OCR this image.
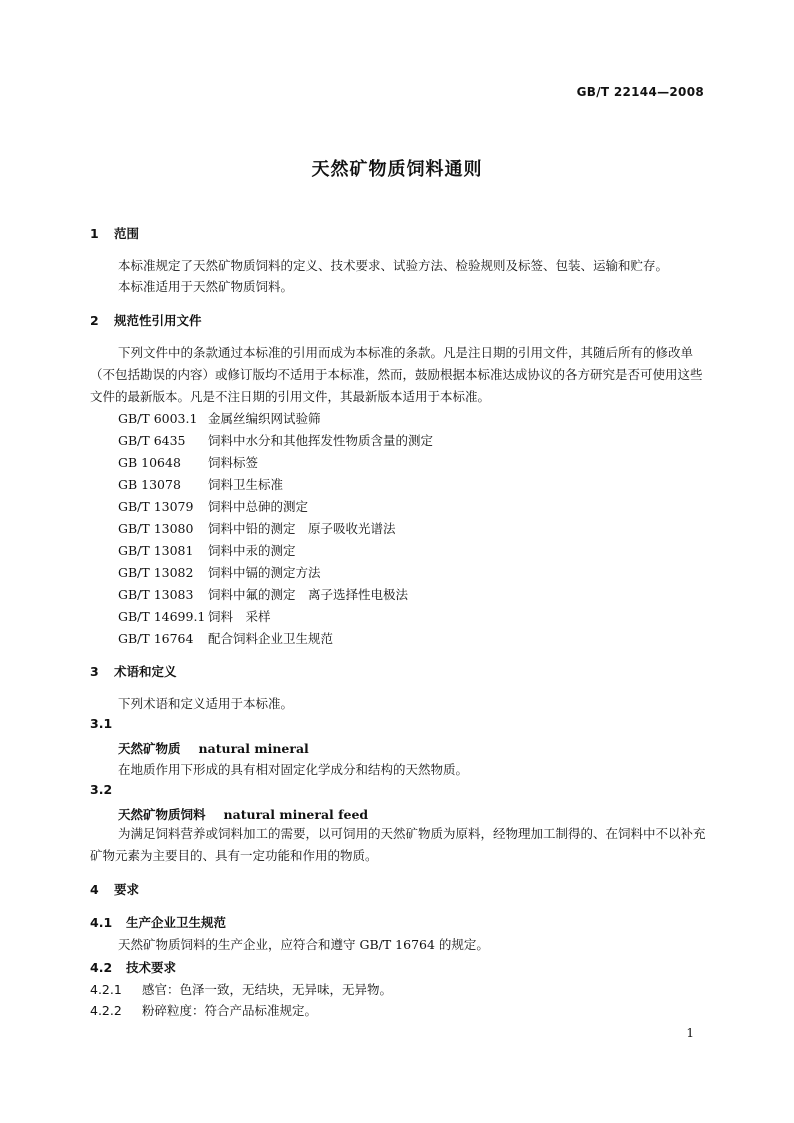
GB/T 22144—2008
天然矿物质饲料通则
1 范围
本标准规定了天然矿物质饲料的定义、技术要求、试验方法、检验规则及标签、包装、运输和贮存。
本标准适用于天然矿物质饲料。
2 规范性引用文件
下列文件中的条款通过本标准的引用而成为本标准的条款。凡是注日期的引用文件，其随后所有的修改单（不包括勘误的内容）或修订版均不适用于本标准，然而，鼓励根据本标准达成协议的各方研究是否可使用这些文件的最新版本。凡是不注日期的引用文件，其最新版本适用于本标准。
GB/T 6003.1 金属丝编织网试验筛
GB/T 6435 饲料中水分和其他挥发性物质含量的测定
GB 10648 饲料标签
GB 13078 饲料卫生标准
GB/T 13079 饲料中总砷的测定
GB/T 13080 饲料中铅的测定　原子吸收光谱法
GB/T 13081 饲料中汞的测定
GB/T 13082 饲料中镉的测定方法
GB/T 13083 饲料中氟的测定　离子选择性电极法
GB/T 14699.1 饲料　采样
GB/T 16764 配合饲料企业卫生规范
3 术语和定义
下列术语和定义适用于本标准。
3.1
天然矿物质 natural mineral
在地质作用下形成的具有相对固定化学成分和结构的天然物质。
3.2
天然矿物质饲料 natural mineral feed
为满足饲料营养或饲料加工的需要，以可饲用的天然矿物质为原料，经物理加工制得的、在饲料中不以补充矿物元素为主要目的、具有一定功能和作用的物质。
4 要求
4.1 生产企业卫生规范
天然矿物质饲料的生产企业，应符合和遵守 GB/T 16764 的规定。
4.2 技术要求
4.2.1 感官：色泽一致，无结块，无异味，无异物。
4.2.2 粉碎粒度：符合产品标准规定。
1
